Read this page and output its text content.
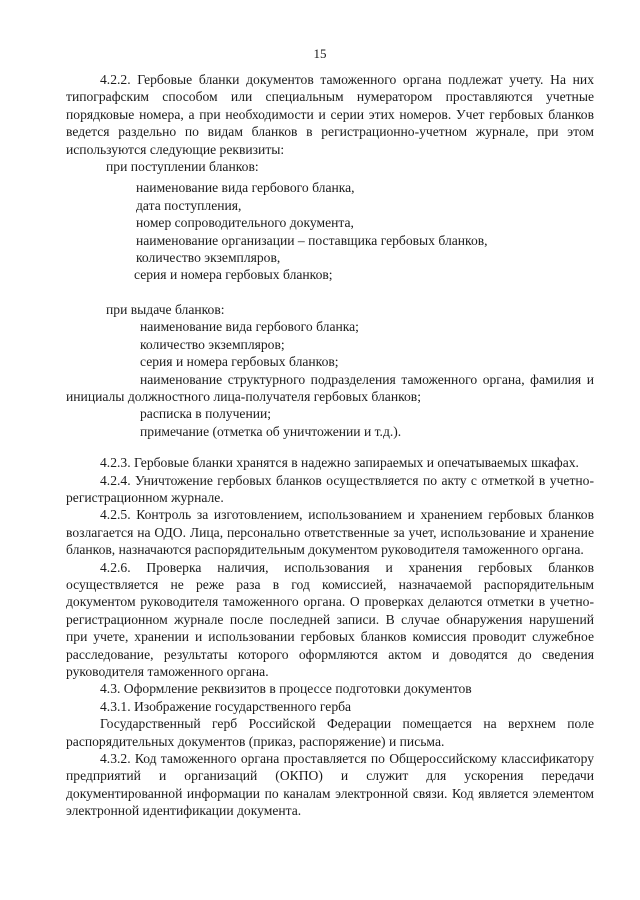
15

4.2.2. Гербовые бланки документов таможенного органа подлежат учету. На них типографским способом или специальным нумератором проставляются учетные порядковые номера, а при необходимости и серии этих номеров. Учет гербовых бланков ведется раздельно по видам бланков в регистрационно-учетном журнале, при этом используются следующие реквизиты:

при поступлении бланков:

наименование вида гербового бланка,
дата поступления,
номер сопроводительного документа,
наименование организации – поставщика гербовых бланков,
количество экземпляров,
серия и номера гербовых бланков;

при выдаче бланков:

наименование вида гербового бланка;
количество экземпляров;
серия и номера гербовых бланков;
наименование структурного подразделения таможенного органа, фамилия и инициалы должностного лица-получателя гербовых бланков;
расписка в получении;
примечание (отметка об уничтожении и т.д.).

4.2.3. Гербовые бланки хранятся в надежно запираемых и опечатываемых шкафах.

4.2.4. Уничтожение гербовых бланков осуществляется по акту с отметкой в учетно-регистрационном журнале.

4.2.5. Контроль за изготовлением, использованием и хранением гербовых бланков возлагается на ОДО. Лица, персонально ответственные за учет, использование и хранение бланков, назначаются распорядительным документом руководителя таможенного органа.

4.2.6. Проверка наличия, использования и хранения гербовых бланков осуществляется не реже раза в год комиссией, назначаемой распорядительным документом руководителя таможенного органа. О проверках делаются отметки в учетно-регистрационном журнале после последней записи. В случае обнаружения нарушений при учете, хранении и использовании гербовых бланков комиссия проводит служебное расследование, результаты которого оформляются актом и доводятся до сведения руководителя таможенного органа.

4.3. Оформление реквизитов в процессе подготовки документов

4.3.1. Изображение государственного герба

Государственный герб Российской Федерации помещается на верхнем поле распорядительных документов (приказ, распоряжение) и письма.

4.3.2. Код таможенного органа проставляется по Общероссийскому классификатору предприятий и организаций (ОКПО) и служит для ускорения передачи документированной информации по каналам электронной связи. Код является элементом электронной идентификации документа.
